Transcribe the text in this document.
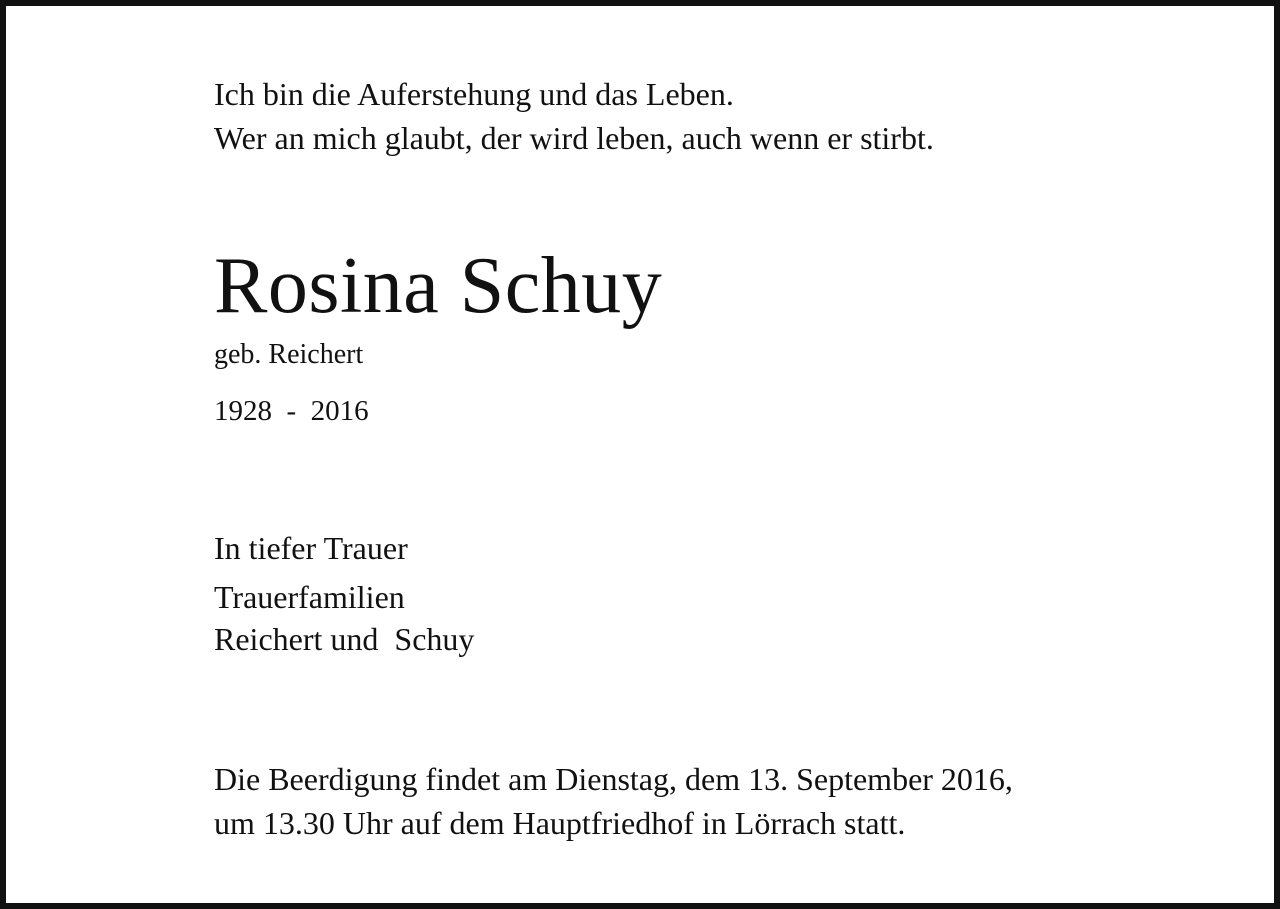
Ich bin die Auferstehung und das Leben.

Wer an mich glaubt, der wird leben, auch wenn er stirbt.

Rosina Schuy

geb. Reichert

1928  -  2016

In tiefer Trauer

Trauerfamilien

Reichert und  Schuy

Die Beerdigung findet am Dienstag, dem 13. September 2016,

um 13.30 Uhr auf dem Hauptfriedhof in Lörrach statt.
